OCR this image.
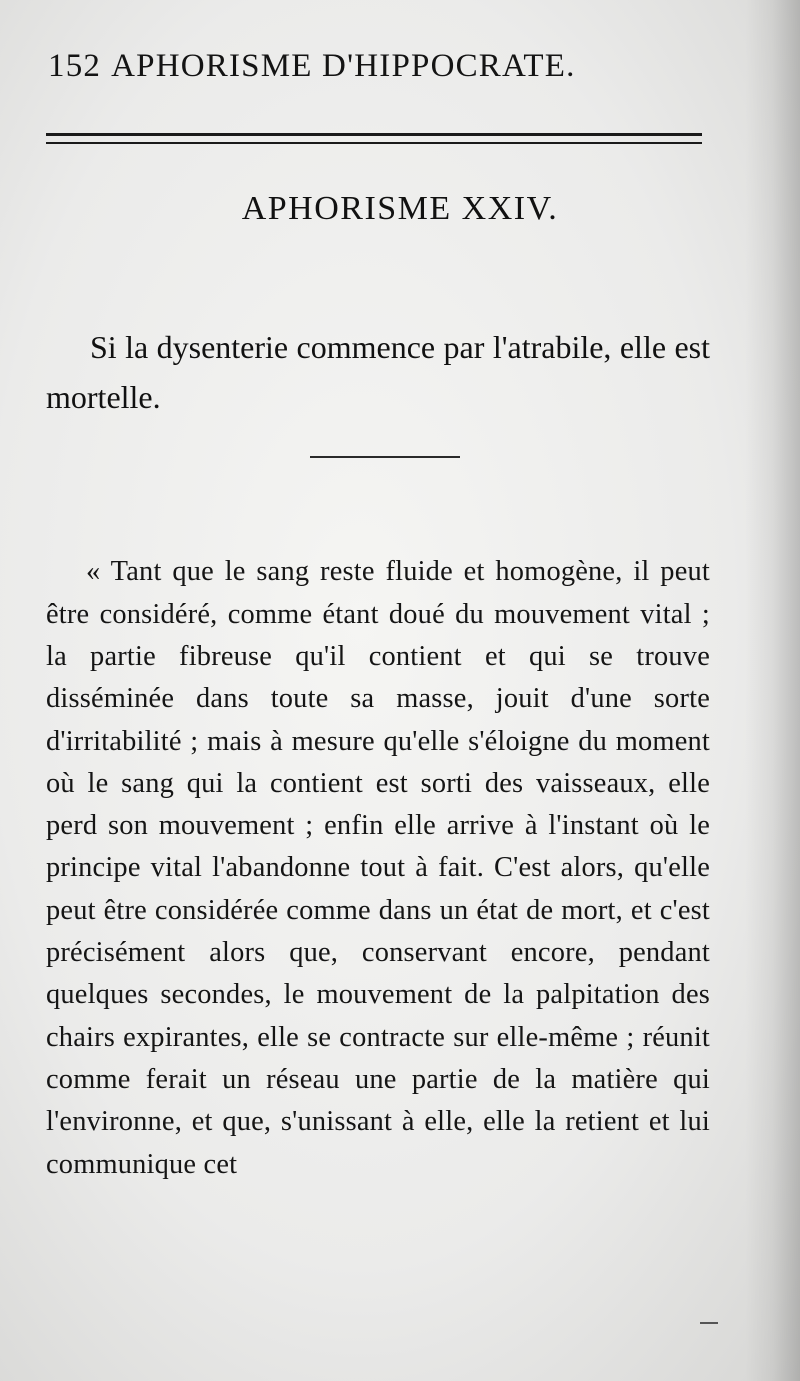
152 APHORISME D'HIPPOCRATE.
APHORISME XXIV.

Si la dysenterie commence par l'atrabile, elle est mortelle.

« Tant que le sang reste fluide et homogène, il peut être considéré, comme étant doué du mouvement vital ; la partie fibreuse qu'il contient et qui se trouve disséminée dans toute sa masse, jouit d'une sorte d'irritabilité ; mais à mesure qu'elle s'éloigne du moment où le sang qui la contient est sorti des vaisseaux, elle perd son mouvement ; enfin elle arrive à l'instant où le principe vital l'abandonne tout à fait. C'est alors, qu'elle peut être considérée comme dans un état de mort, et c'est précisément alors que, conservant encore, pendant quelques secondes, le mouvement de la palpitation des chairs expirantes, elle se contracte sur elle-même ; réunit comme ferait un réseau une partie de la matière qui l'environne, et que, s'unissant à elle, elle la retient et lui communique cet
